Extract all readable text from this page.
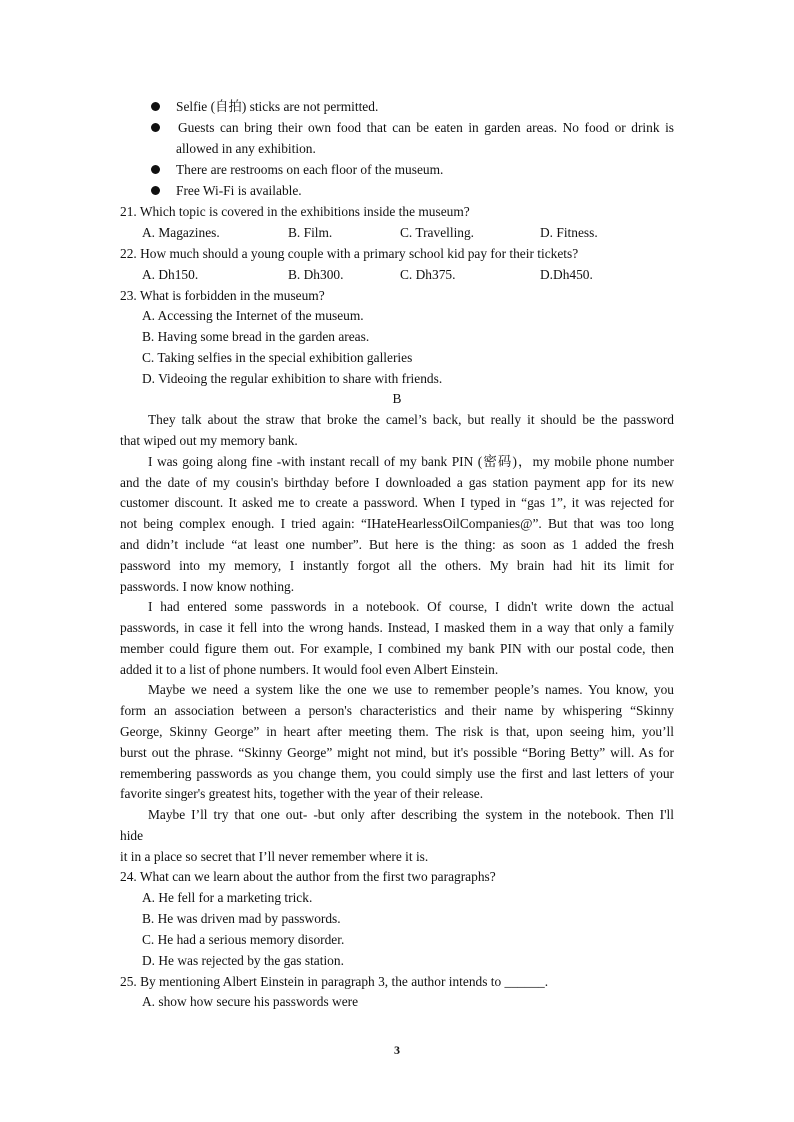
Selfie (自拍) sticks are not permitted.
Guests can bring their own food that can be eaten in garden areas. No food or drink is
allowed in any exhibition.
There are restrooms on each floor of the museum.
Free Wi-Fi is available.
21. Which topic is covered in the exhibitions inside the museum?
A. Magazines.	B. Film.	C. Travelling.	D. Fitness.
22. How much should a young couple with a primary school kid pay for their tickets?
A. Dh150.	B. Dh300.	C. Dh375.	D.Dh450.
23. What is forbidden in the museum?
A. Accessing the Internet of the museum.
B. Having some bread in the garden areas.
C. Taking selfies in the special exhibition galleries
D. Videoing the regular exhibition to share with friends.
B
They talk about the straw that broke the camel’s back, but really it should be the password
that wiped out my memory bank.
I was going along fine -with instant recall of my bank PIN (密码)，my mobile phone number
and the date of my cousin's birthday before I downloaded a gas station payment app for its new
customer discount. It asked me to create a password. When I typed in “gas 1”, it was rejected for
not being complex enough. I tried again: “IHateHearlessOilCompanies@”. But that was too long
and didn’t include “at least one number”. But here is the thing: as soon as 1 added the fresh
password into my memory, I instantly forgot all the others. My brain had hit its limit for
passwords. I now know nothing.
I had entered some passwords in a notebook. Of course, I didn't write down the actual
passwords, in case it fell into the wrong hands. Instead, I masked them in a way that only a family
member could figure them out. For example, I combined my bank PIN with our postal code, then
added it to a list of phone numbers. It would fool even Albert Einstein.
Maybe we need a system like the one we use to remember people’s names. You know, you
form an association between a person's characteristics and their name by whispering “Skinny
George, Skinny George” in heart after meeting them. The risk is that, upon seeing him, you’ll
burst out the phrase. “Skinny George” might not mind, but it's possible “Boring Betty” will. As for
remembering passwords as you change them, you could simply use the first and last letters of your
favorite singer's greatest hits, together with the year of their release.
Maybe I’ll try that one out- -but only after describing the system in the notebook. Then I'll
hide
it in a place so secret that I’ll never remember where it is.
24. What can we learn about the author from the first two paragraphs?
A. He fell for a marketing trick.
B. He was driven mad by passwords.
C. He had a serious memory disorder.
D. He was rejected by the gas station.
25. By mentioning Albert Einstein in paragraph 3, the author intends to ______.
A. show how secure his passwords were
3
